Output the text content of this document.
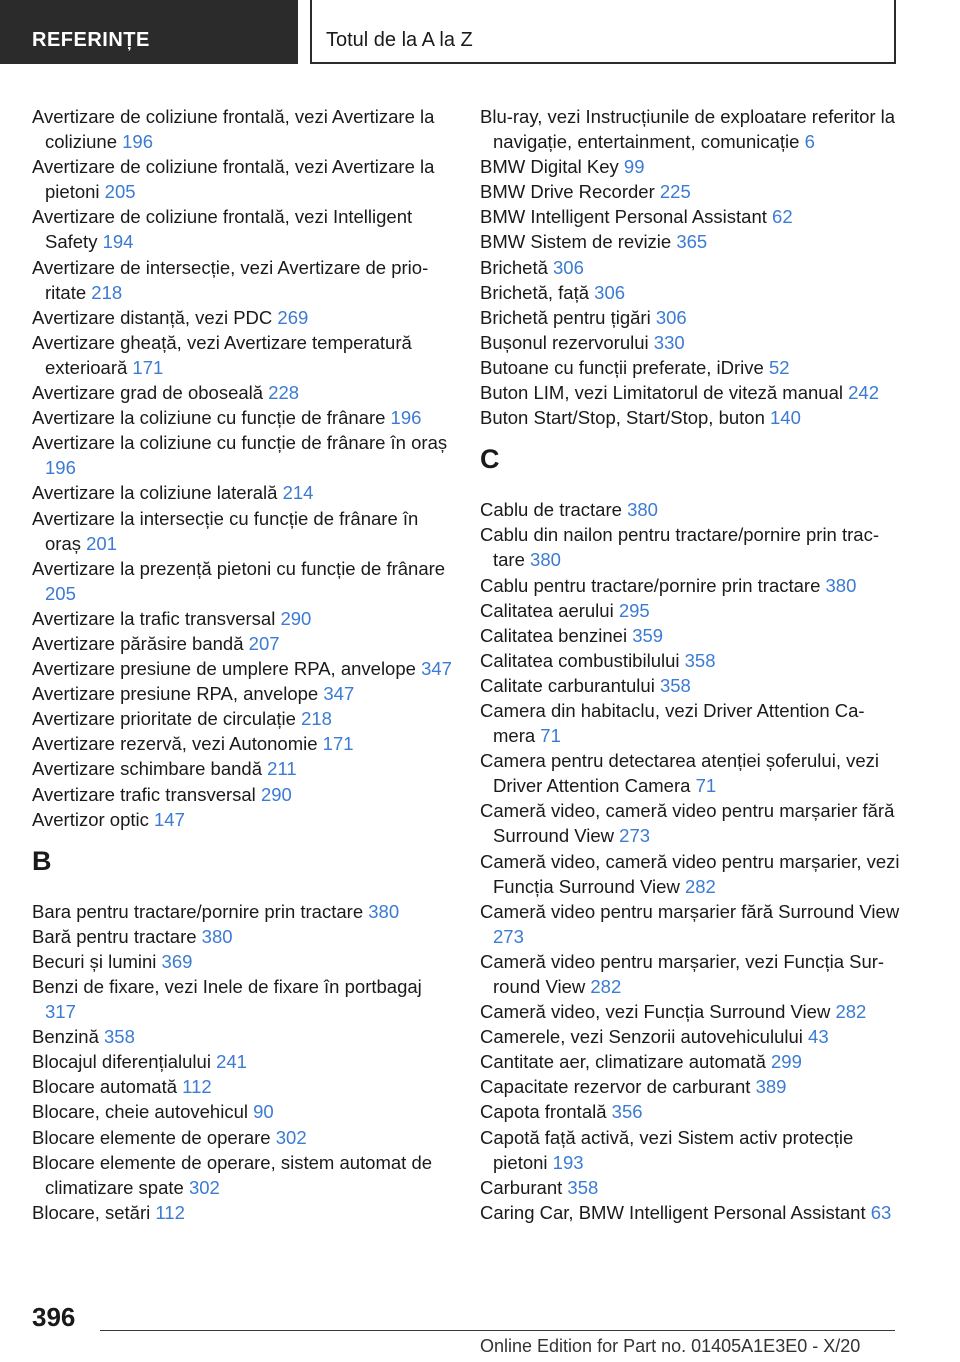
REFERINȚE	Totul de la A la Z
Avertizare de coliziune frontală, vezi Avertizare la coliziune 196
Avertizare de coliziune frontală, vezi Avertizare la pietoni 205
Avertizare de coliziune frontală, vezi Intelligent Safety 194
Avertizare de intersecție, vezi Avertizare de prioritate 218
Avertizare distanță, vezi PDC 269
Avertizare gheață, vezi Avertizare temperatură exterioară 171
Avertizare grad de oboseală 228
Avertizare la coliziune cu funcție de frânare 196
Avertizare la coliziune cu funcție de frânare în oraș 196
Avertizare la coliziune laterală 214
Avertizare la intersecție cu funcție de frânare în oraș 201
Avertizare la prezență pietoni cu funcție de frânare 205
Avertizare la trafic transversal 290
Avertizare părăsire bandă 207
Avertizare presiune de umplere RPA, anvelope 347
Avertizare presiune RPA, anvelope 347
Avertizare prioritate de circulație 218
Avertizare rezervă, vezi Autonomie 171
Avertizare schimbare bandă 211
Avertizare trafic transversal 290
Avertizor optic 147
B
Bara pentru tractare/pornire prin tractare 380
Bară pentru tractare 380
Becuri și lumini 369
Benzi de fixare, vezi Inele de fixare în portbagaj 317
Benzină 358
Blocajul diferențialului 241
Blocare automată 112
Blocare, cheie autovehicul 90
Blocare elemente de operare 302
Blocare elemente de operare, sistem automat de climatizare spate 302
Blocare, setări 112
Blu-ray, vezi Instrucțiunile de exploatare referitor la navigație, entertainment, comunicație 6
BMW Digital Key 99
BMW Drive Recorder 225
BMW Intelligent Personal Assistant 62
BMW Sistem de revizie 365
Brichetă 306
Brichetă, față 306
Brichetă pentru țigări 306
Bușonul rezervorului 330
Butoane cu funcții preferate, iDrive 52
Buton LIM, vezi Limitatorul de viteză manual 242
Buton Start/Stop, Start/Stop, buton 140
C
Cablu de tractare 380
Cablu din nailon pentru tractare/pornire prin tractare 380
Cablu pentru tractare/pornire prin tractare 380
Calitatea aerului 295
Calitatea benzinei 359
Calitatea combustibilului 358
Calitate carburantului 358
Camera din habitaclu, vezi Driver Attention Camera 71
Camera pentru detectarea atenției șoferului, vezi Driver Attention Camera 71
Cameră video, cameră video pentru marșarier fără Surround View 273
Cameră video, cameră video pentru marșarier, vezi Funcția Surround View 282
Cameră video pentru marșarier fără Surround View 273
Cameră video pentru marșarier, vezi Funcția Surround View 282
Cameră video, vezi Funcția Surround View 282
Camerele, vezi Senzorii autovehiculului 43
Cantitate aer, climatizare automată 299
Capacitate rezervor de carburant 389
Capota frontală 356
Capotă față activă, vezi Sistem activ protecție pietoni 193
Carburant 358
Caring Car, BMW Intelligent Personal Assistant 63
396
Online Edition for Part no. 01405A1E3E0 - X/20
